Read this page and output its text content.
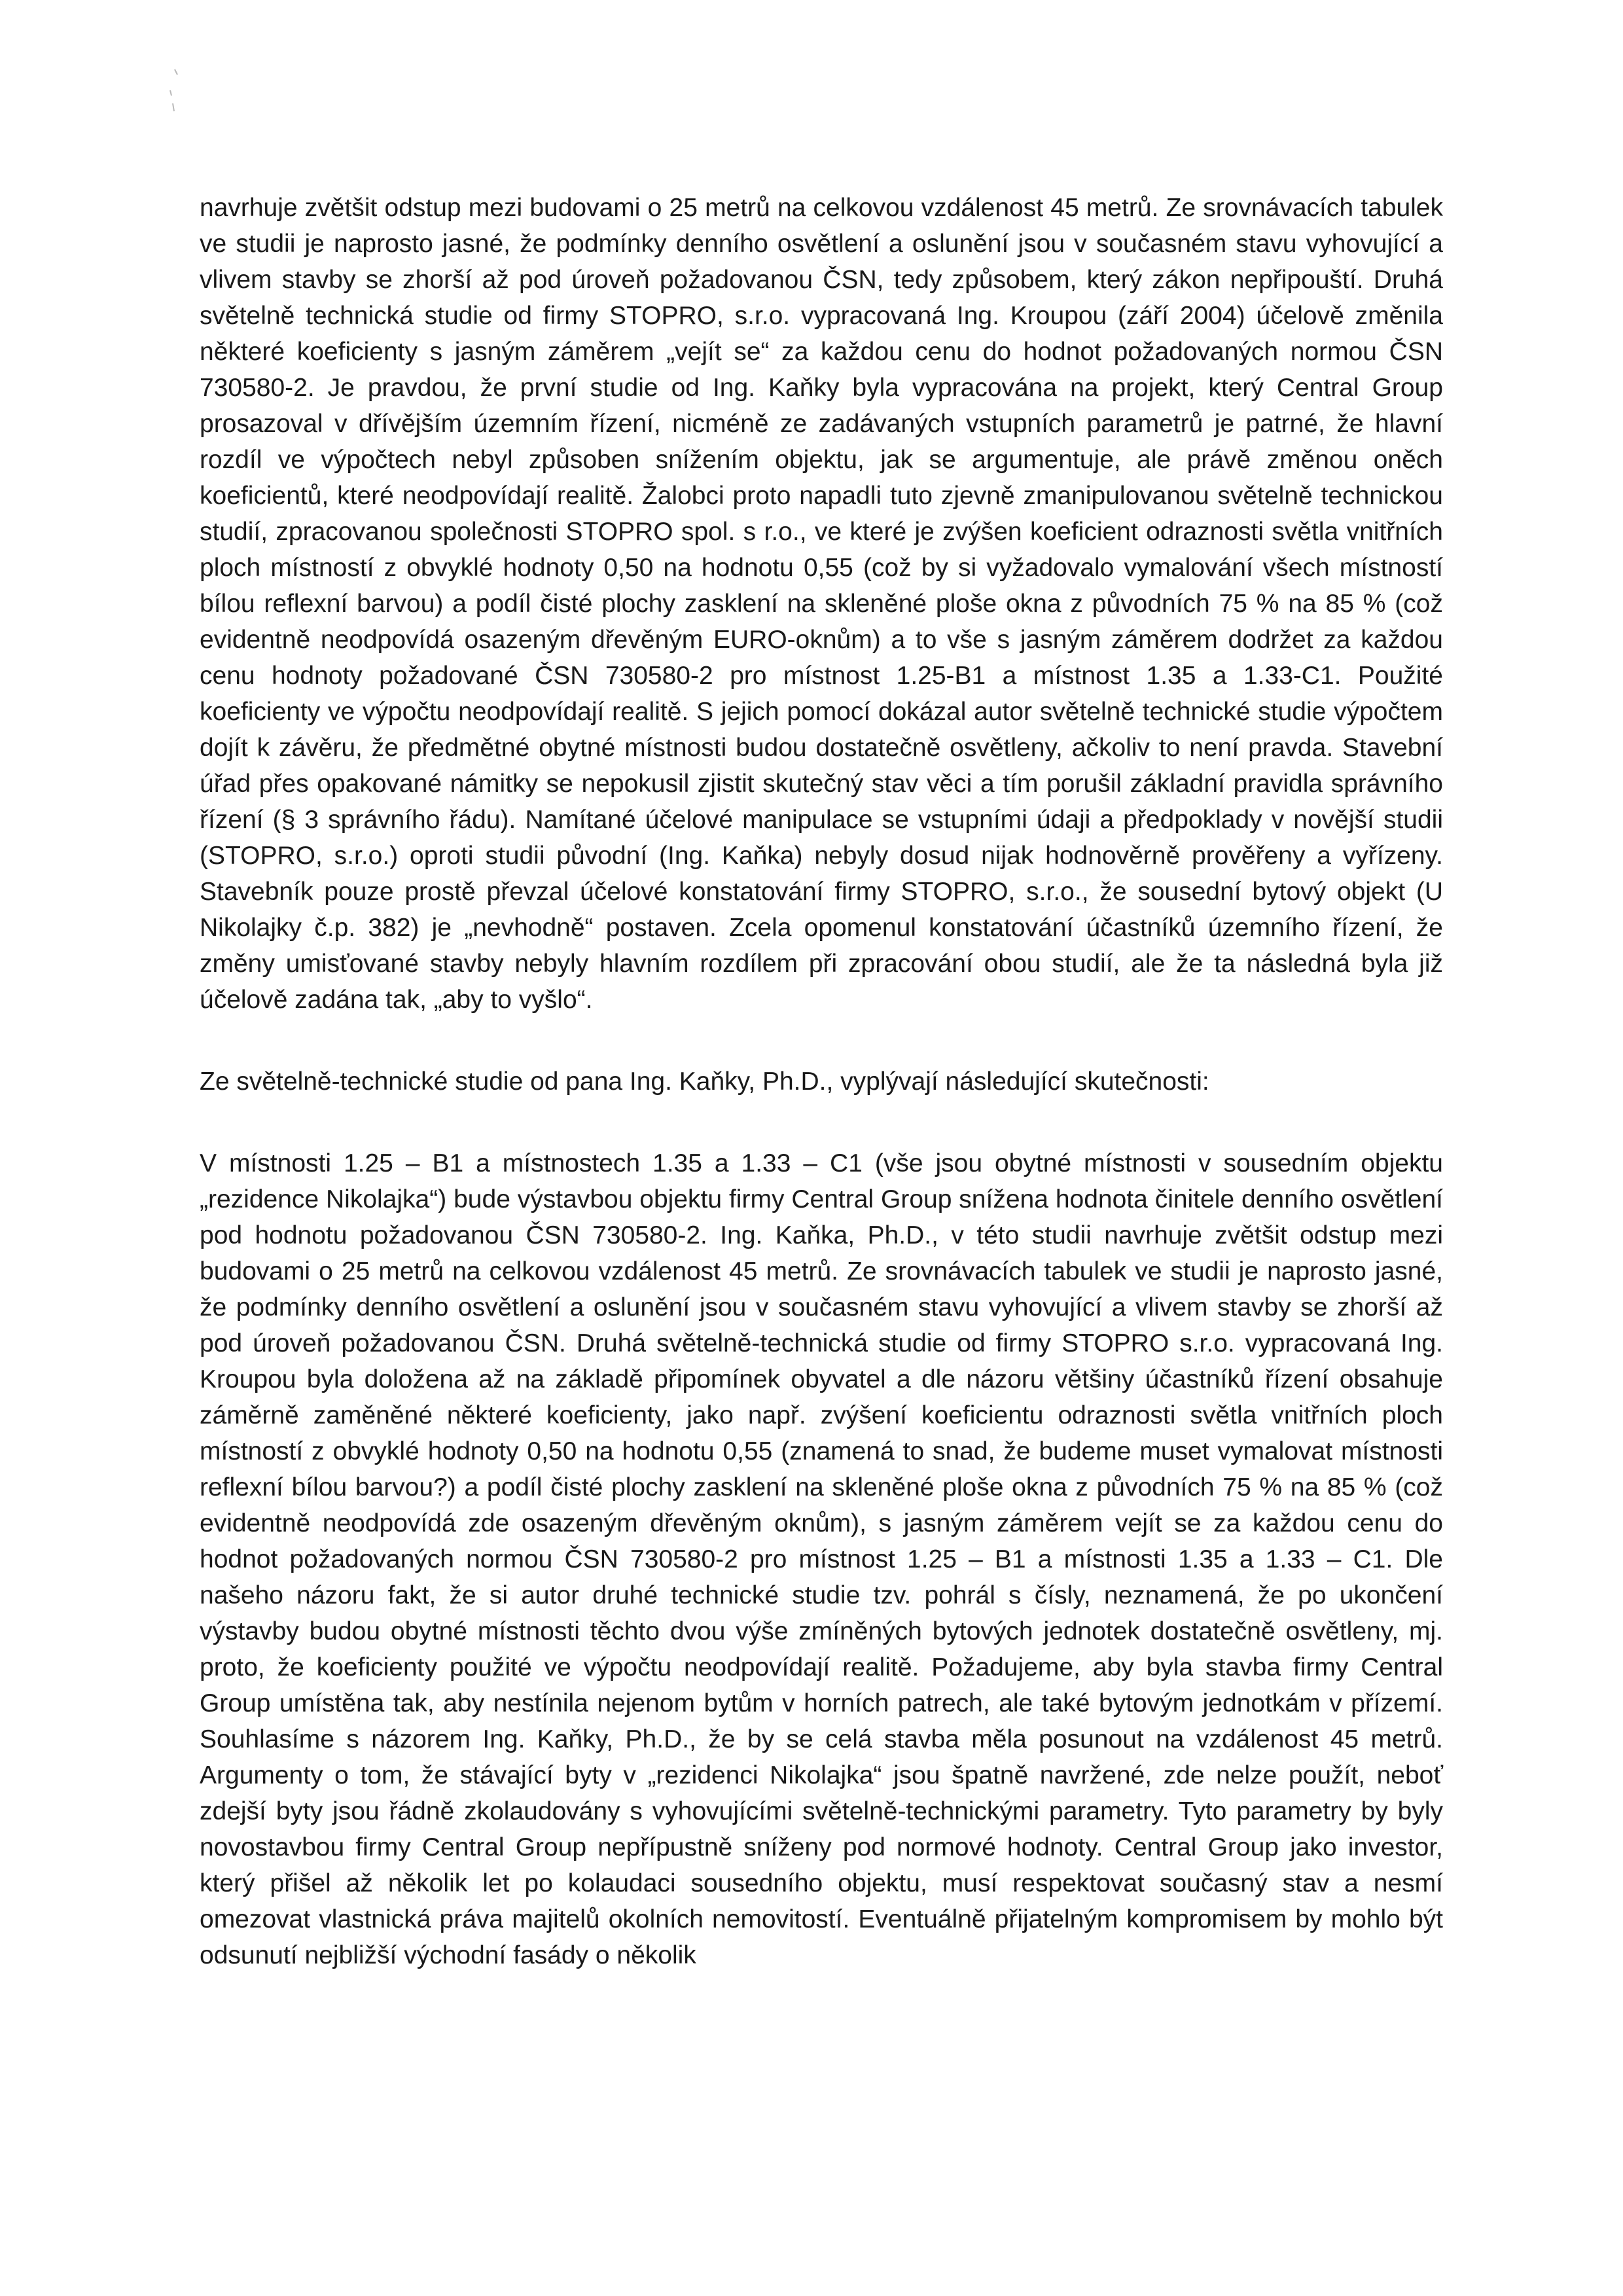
navrhuje zvětšit odstup mezi budovami o 25 metrů na celkovou vzdálenost 45 metrů. Ze srovnávacích tabulek ve studii je naprosto jasné, že podmínky denního osvětlení a oslunění jsou v současném stavu vyhovující a vlivem stavby se zhorší až pod úroveň požadovanou ČSN, tedy způsobem, který zákon nepřipouští. Druhá světelně technická studie od firmy STOPRO, s.r.o. vypracovaná Ing. Kroupou (září 2004) účelově změnila některé koeficienty s jasným záměrem „vejít se“ za každou cenu do hodnot požadovaných normou ČSN 730580-2. Je pravdou, že první studie od Ing. Kaňky byla vypracována na projekt, který Central Group prosazoval v dřívějším územním řízení, nicméně ze zadávaných vstupních parametrů je patrné, že hlavní rozdíl ve výpočtech nebyl způsoben snížením objektu, jak se argumentuje, ale právě změnou oněch koeficientů, které neodpovídají realitě. Žalobci proto napadli tuto zjevně zmanipulovanou světelně technickou studií, zpracovanou společnosti STOPRO spol. s r.o., ve které je zvýšen koeficient odraznosti světla vnitřních ploch místností z obvyklé hodnoty 0,50 na hodnotu 0,55 (což by si vyžadovalo vymalování všech místností bílou reflexní barvou) a podíl čisté plochy zasklení na skleněné ploše okna z původních 75 % na 85 % (což evidentně neodpovídá osazeným dřevěným EURO-oknům) a to vše s jasným záměrem dodržet za každou cenu hodnoty požadované ČSN 730580-2 pro místnost 1.25-B1 a místnost 1.35 a 1.33-C1. Použité koeficienty ve výpočtu neodpovídají realitě. S jejich pomocí dokázal autor světelně technické studie výpočtem dojít k závěru, že předmětné obytné místnosti budou dostatečně osvětleny, ačkoliv to není pravda. Stavební úřad přes opakované námitky se nepokusil zjistit skutečný stav věci a tím porušil základní pravidla správního řízení (§ 3 správního řádu). Namítané účelové manipulace se vstupními údaji a předpoklady v novější studii (STOPRO, s.r.o.) oproti studii původní (Ing. Kaňka) nebyly dosud nijak hodnověrně prověřeny a vyřízeny. Stavebník pouze prostě převzal účelové konstatování firmy STOPRO, s.r.o., že sousední bytový objekt (U Nikolajky č.p. 382) je „nevhodně“ postaven. Zcela opomenul konstatování účastníků územního řízení, že změny umisťované stavby nebyly hlavním rozdílem při zpracování obou studií, ale že ta následná byla již účelově zadána tak, „aby to vyšlo“.

Ze světelně-technické studie od pana Ing. Kaňky, Ph.D., vyplývají následující skutečnosti:

V místnosti 1.25 – B1 a místnostech 1.35 a 1.33 – C1 (vše jsou obytné místnosti v sousedním objektu „rezidence Nikolajka“) bude výstavbou objektu firmy Central Group snížena hodnota činitele denního osvětlení pod hodnotu požadovanou ČSN 730580-2. Ing. Kaňka, Ph.D., v této studii navrhuje zvětšit odstup mezi budovami o 25 metrů na celkovou vzdálenost 45 metrů. Ze srovnávacích tabulek ve studii je naprosto jasné, že podmínky denního osvětlení a oslunění jsou v současném stavu vyhovující a vlivem stavby se zhorší až pod úroveň požadovanou ČSN. Druhá světelně-technická studie od firmy STOPRO s.r.o. vypracovaná Ing. Kroupou byla doložena až na základě připomínek obyvatel a dle názoru většiny účastníků řízení obsahuje záměrně zaměněné některé koeficienty, jako např. zvýšení koeficientu odraznosti světla vnitřních ploch místností z obvyklé hodnoty 0,50 na hodnotu 0,55 (znamená to snad, že budeme muset vymalovat místnosti reflexní bílou barvou?) a podíl čisté plochy zasklení na skleněné ploše okna z původních 75 % na 85 % (což evidentně neodpovídá zde osazeným dřevěným oknům), s jasným záměrem vejít se za každou cenu do hodnot požadovaných normou ČSN 730580-2 pro místnost 1.25 – B1 a místnosti 1.35 a 1.33 – C1. Dle našeho názoru fakt, že si autor druhé technické studie tzv. pohrál s čísly, neznamená, že po ukončení výstavby budou obytné místnosti těchto dvou výše zmíněných bytových jednotek dostatečně osvětleny, mj. proto, že koeficienty použité ve výpočtu neodpovídají realitě. Požadujeme, aby byla stavba firmy Central Group umístěna tak, aby nestínila nejenom bytům v horních patrech, ale také bytovým jednotkám v přízemí. Souhlasíme s názorem Ing. Kaňky, Ph.D., že by se celá stavba měla posunout na vzdálenost 45 metrů. Argumenty o tom, že stávající byty v „rezidenci Nikolajka“ jsou špatně navržené, zde nelze použít, neboť zdejší byty jsou řádně zkolaudovány s vyhovujícími světelně-technickými parametry. Tyto parametry by byly novostavbou firmy Central Group nepřípustně sníženy pod normové hodnoty. Central Group jako investor, který přišel až několik let po kolaudaci sousedního objektu, musí respektovat současný stav a nesmí omezovat vlastnická práva majitelů okolních nemovitostí. Eventuálně přijatelným kompromisem by mohlo být odsunutí nejbližší východní fasády o několik
